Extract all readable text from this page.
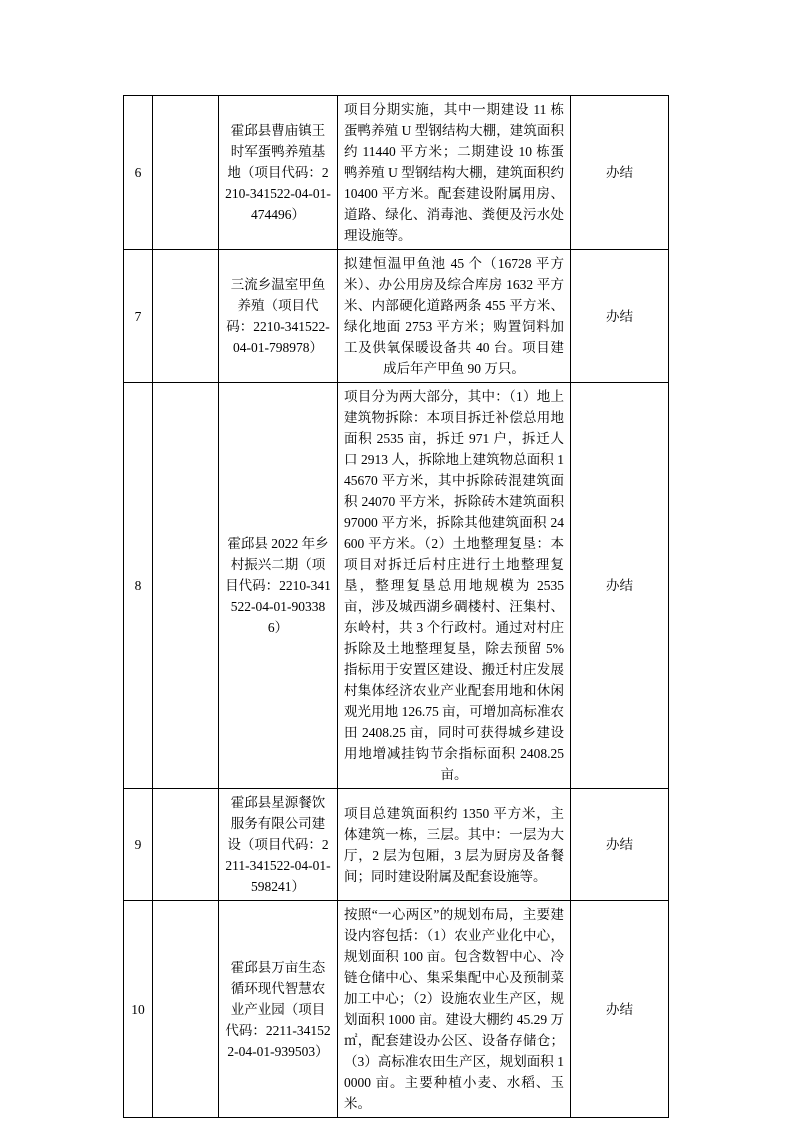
6		霍邱县曹庙镇王时军蛋鸭养殖基地（项目代码：2210-341522-04-01-474496）	项目分期实施，其中一期建设 11 栋蛋鸭养殖 U 型钢结构大棚，建筑面积约 11440 平方米；二期建设 10 栋蛋鸭养殖 U 型钢结构大棚，建筑面积约 10400 平方米。配套建设附属用房、道路、绿化、消毒池、粪便及污水处理设施等。	办结
7		三流乡温室甲鱼养殖（项目代码：2210-341522-04-01-798978）	拟建恒温甲鱼池 45 个（16728 平方米）、办公用房及综合库房 1632 平方米、内部硬化道路两条 455 平方米、绿化地面 2753 平方米；购置饲料加工及供氧保暖设备共 40 台。项目建成后年产甲鱼 90 万只。	办结
8		霍邱县 2022 年乡村振兴二期（项目代码：2210-341522-04-01-903386）	项目分为两大部分，其中：（1）地上建筑物拆除：本项目拆迁补偿总用地面积 2535 亩，拆迁 971 户，拆迁人口 2913 人，拆除地上建筑物总面积 145670 平方米，其中拆除砖混建筑面积 24070 平方米，拆除砖木建筑面积 97000 平方米，拆除其他建筑面积 24600 平方米。（2）土地整理复垦：本项目对拆迁后村庄进行土地整理复垦，整理复垦总用地规模为 2535 亩，涉及城西湖乡碉楼村、汪集村、东岭村，共 3 个行政村。通过对村庄拆除及土地整理复垦，除去预留 5%指标用于安置区建设、搬迁村庄发展村集体经济农业产业配套用地和休闲观光用地 126.75 亩，可增加高标准农田 2408.25 亩，同时可获得城乡建设用地增减挂钩节余指标面积 2408.25 亩。	办结
9		霍邱县星源餐饮服务有限公司建设（项目代码：2211-341522-04-01-598241）	项目总建筑面积约 1350 平方米，主体建筑一栋，三层。其中：一层为大厅，2 层为包厢，3 层为厨房及备餐间；同时建设附属及配套设施等。	办结
10		霍邱县万亩生态循环现代智慧农业产业园（项目代码：2211-341522-04-01-939503）	按照“一心两区”的规划布局，主要建设内容包括：（1）农业产业化中心，规划面积 100 亩。包含数智中心、冷链仓储中心、集采集配中心及预制菜加工中心；（2）设施农业生产区，规划面积 1000 亩。建设大棚约 45.29 万㎡，配套建设办公区、设备存储仓；（3）高标准农田生产区，规划面积 10000 亩。主要种植小麦、水稻、玉米。	办结
